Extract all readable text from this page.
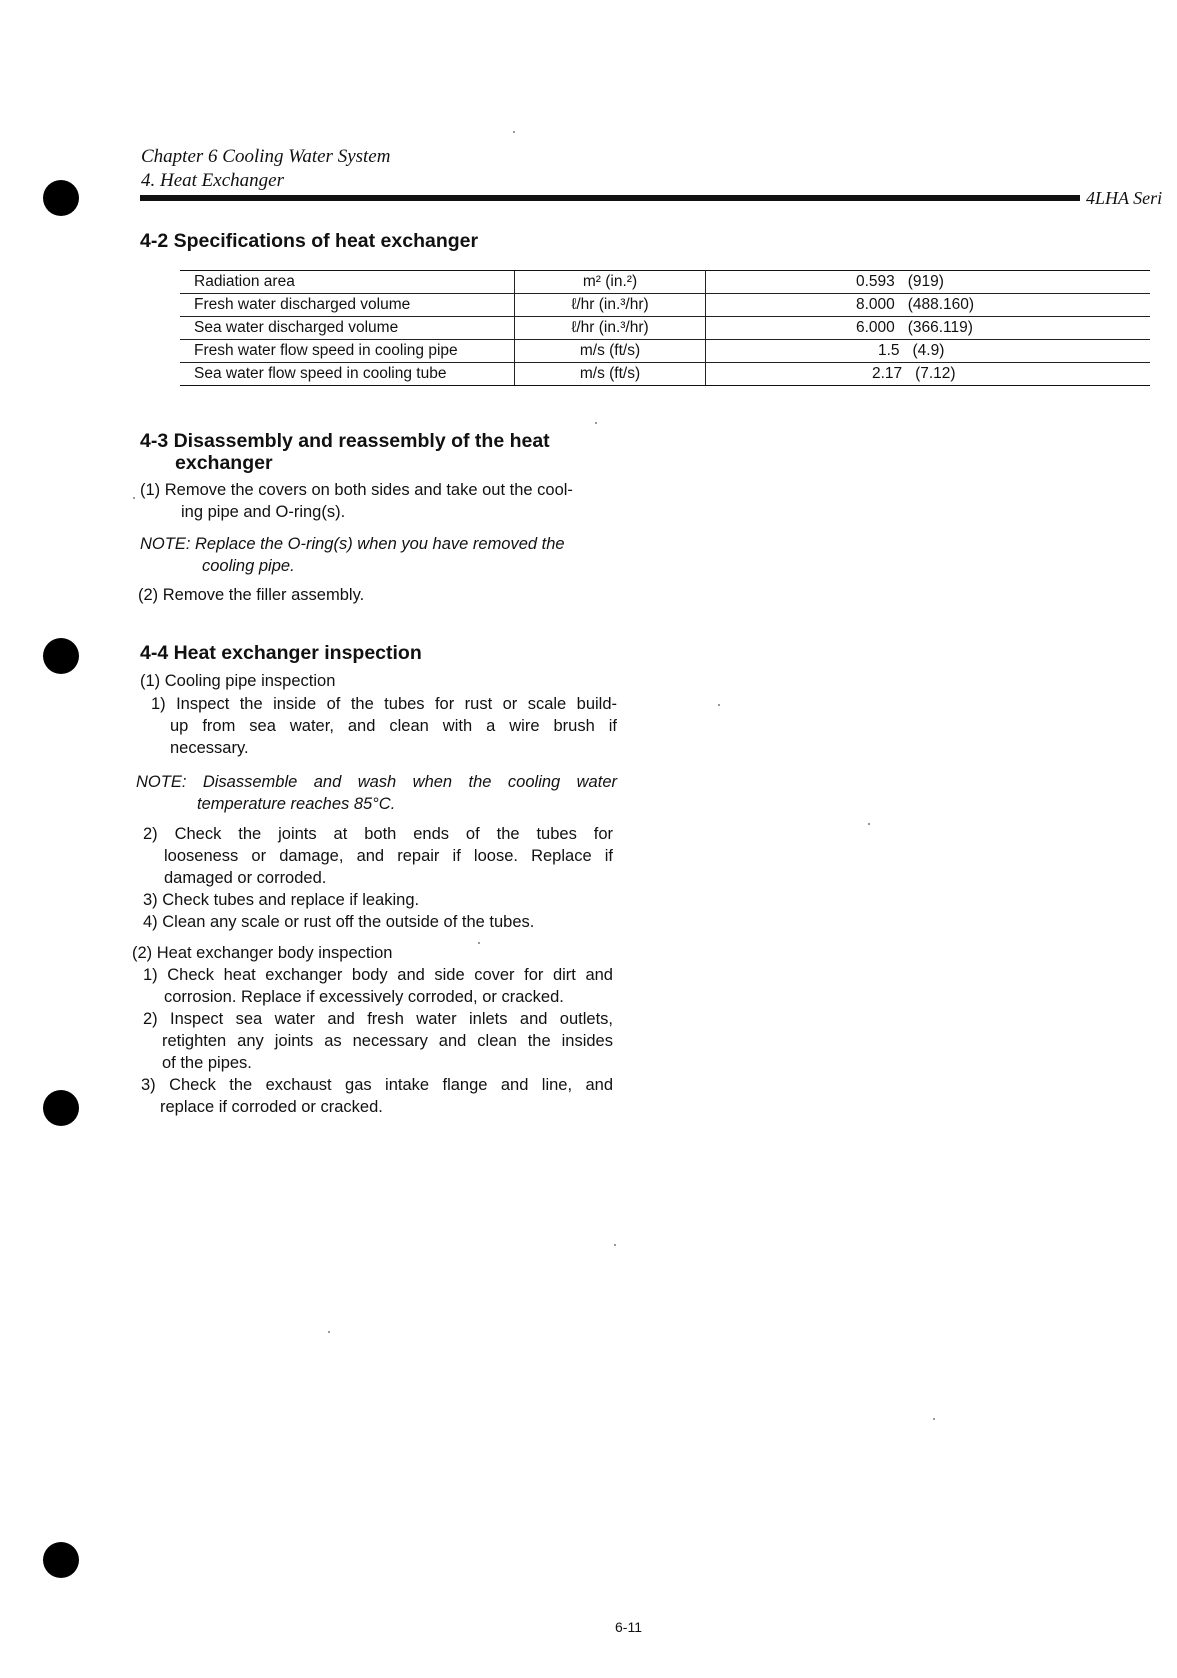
Chapter 6 Cooling Water System
4. Heat Exchanger
4LHA Seri
4-2 Specifications of heat exchanger
Radiation area	m² (in.²)	0.593 (919)
Fresh water discharged volume	ℓ/hr (in.³/hr)	8.000 (488.160)
Sea water discharged volume	ℓ/hr (in.³/hr)	6.000 (366.119)
Fresh water flow speed in cooling pipe	m/s (ft/s)	1.5 (4.9)
Sea water flow speed in cooling tube	m/s (ft/s)	2.17 (7.12)
4-3 Disassembly and reassembly of the heat
exchanger
(1) Remove the covers on both sides and take out the cool-
ing pipe and O-ring(s).
NOTE: Replace the O-ring(s) when you have removed the
cooling pipe.
(2) Remove the filler assembly.
4-4 Heat exchanger inspection
(1) Cooling pipe inspection
1) Inspect the inside of the tubes for rust or scale build-
up from sea water, and clean with a wire brush if
necessary.
NOTE: Disassemble and wash when the cooling water
temperature reaches 85°C.
2) Check the joints at both ends of the tubes for
looseness or damage, and repair if loose. Replace if
damaged or corroded.
3) Check tubes and replace if leaking.
4) Clean any scale or rust off the outside of the tubes.
(2) Heat exchanger body inspection
1) Check heat exchanger body and side cover for dirt and
corrosion. Replace if excessively corroded, or cracked.
2) Inspect sea water and fresh water inlets and outlets,
retighten any joints as necessary and clean the insides
of the pipes.
3) Check the exchaust gas intake flange and line, and
replace if corroded or cracked.
6-11
